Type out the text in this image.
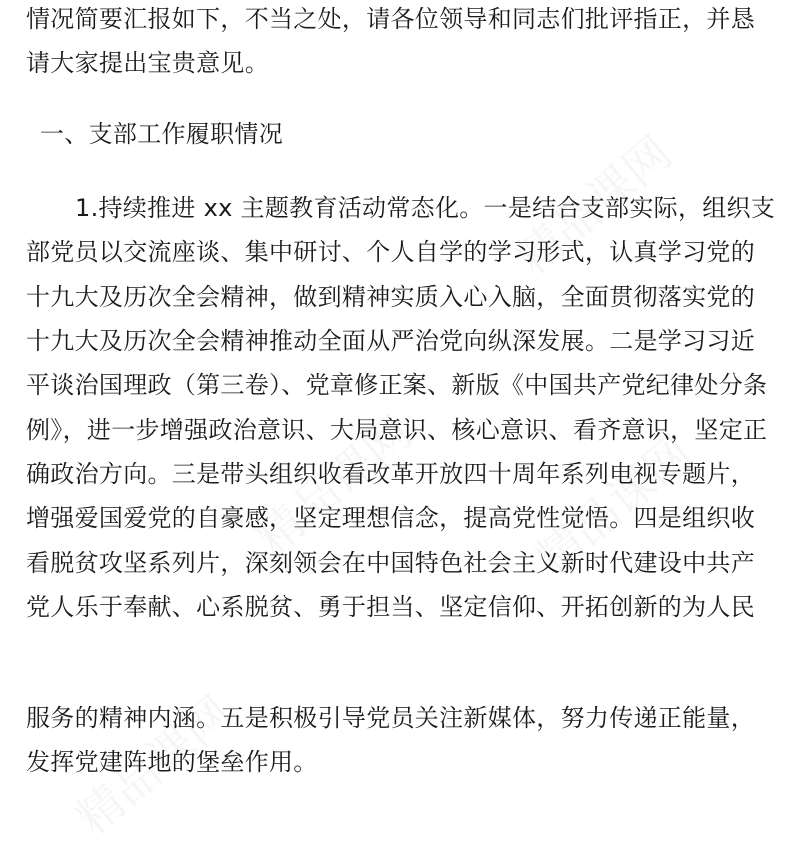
情况简要汇报如下，不当之处，请各位领导和同志们批评指正，并恳
请大家提出宝贵意见。
一、支部工作履职情况
1.持续推进 xx 主题教育活动常态化。一是结合支部实际，组织支
部党员以交流座谈、集中研讨、个人自学的学习形式，认真学习党的
十九大及历次全会精神，做到精神实质入心入脑，全面贯彻落实党的
十九大及历次全会精神推动全面从严治党向纵深发展。二是学习习近
平谈治国理政（第三卷）、党章修正案、新版《中国共产党纪律处分条
例》，进一步增强政治意识、大局意识、核心意识、看齐意识，坚定正
确政治方向。三是带头组织收看改革开放四十周年系列电视专题片，
增强爱国爱党的自豪感，坚定理想信念，提高党性觉悟。四是组织收
看脱贫攻坚系列片，深刻领会在中国特色社会主义新时代建设中共产
党人乐于奉献、心系脱贫、勇于担当、坚定信仰、开拓创新的为人民
服务的精神内涵。五是积极引导党员关注新媒体，努力传递正能量，
发挥党建阵地的堡垒作用。
